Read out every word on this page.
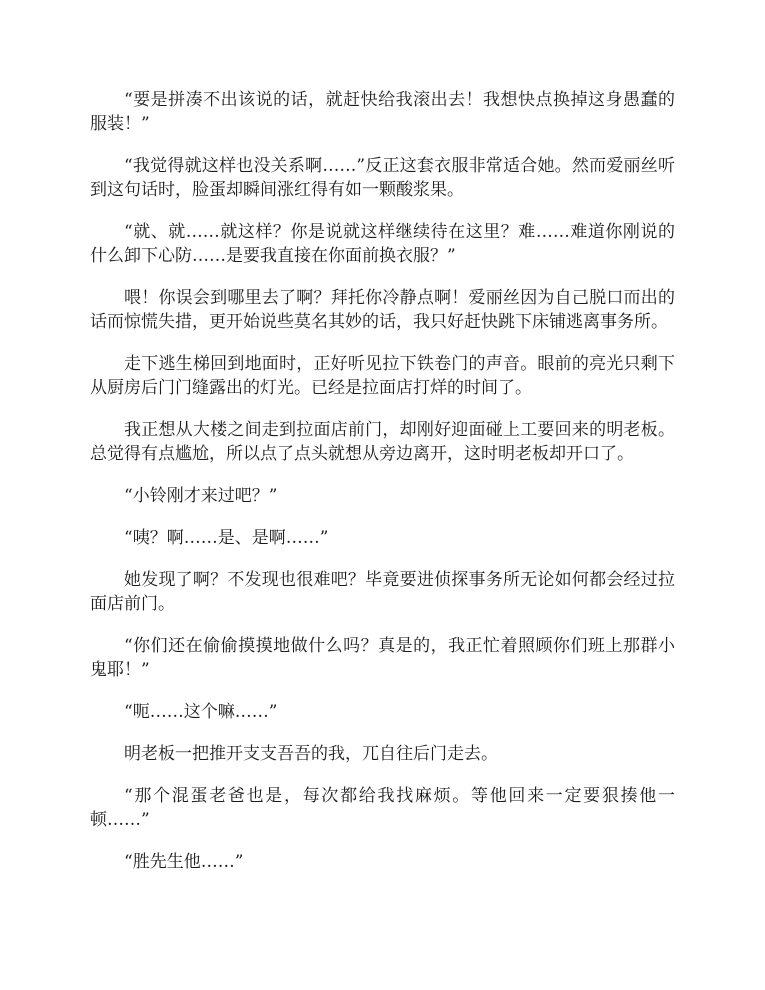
“要是拼凑不出该说的话，就赶快给我滚出去！我想快点换掉这身愚蠢的服装！”

“我觉得就这样也没关系啊……”反正这套衣服非常适合她。然而爱丽丝听到这句话时，脸蛋却瞬间涨红得有如一颗酸浆果。

“就、就……就这样？你是说就这样继续待在这里？难……难道你刚说的什么卸下心防……是要我直接在你面前换衣服？”

喂！你误会到哪里去了啊？拜托你冷静点啊！爱丽丝因为自己脱口而出的话而惊慌失措，更开始说些莫名其妙的话，我只好赶快跳下床铺逃离事务所。

走下逃生梯回到地面时，正好听见拉下铁卷门的声音。眼前的亮光只剩下从厨房后门门缝露出的灯光。已经是拉面店打烊的时间了。

我正想从大楼之间走到拉面店前门，却刚好迎面碰上工要回来的明老板。总觉得有点尴尬，所以点了点头就想从旁边离开，这时明老板却开口了。

“小铃刚才来过吧？”

“咦？啊……是、是啊……”

她发现了啊？不发现也很难吧？毕竟要进侦探事务所无论如何都会经过拉面店前门。

“你们还在偷偷摸摸地做什么吗？真是的，我正忙着照顾你们班上那群小鬼耶！”

“呃……这个嘛……”

明老板一把推开支支吾吾的我，兀自往后门走去。

“那个混蛋老爸也是，每次都给我找麻烦。等他回来一定要狠揍他一顿……”

“胜先生他……”
